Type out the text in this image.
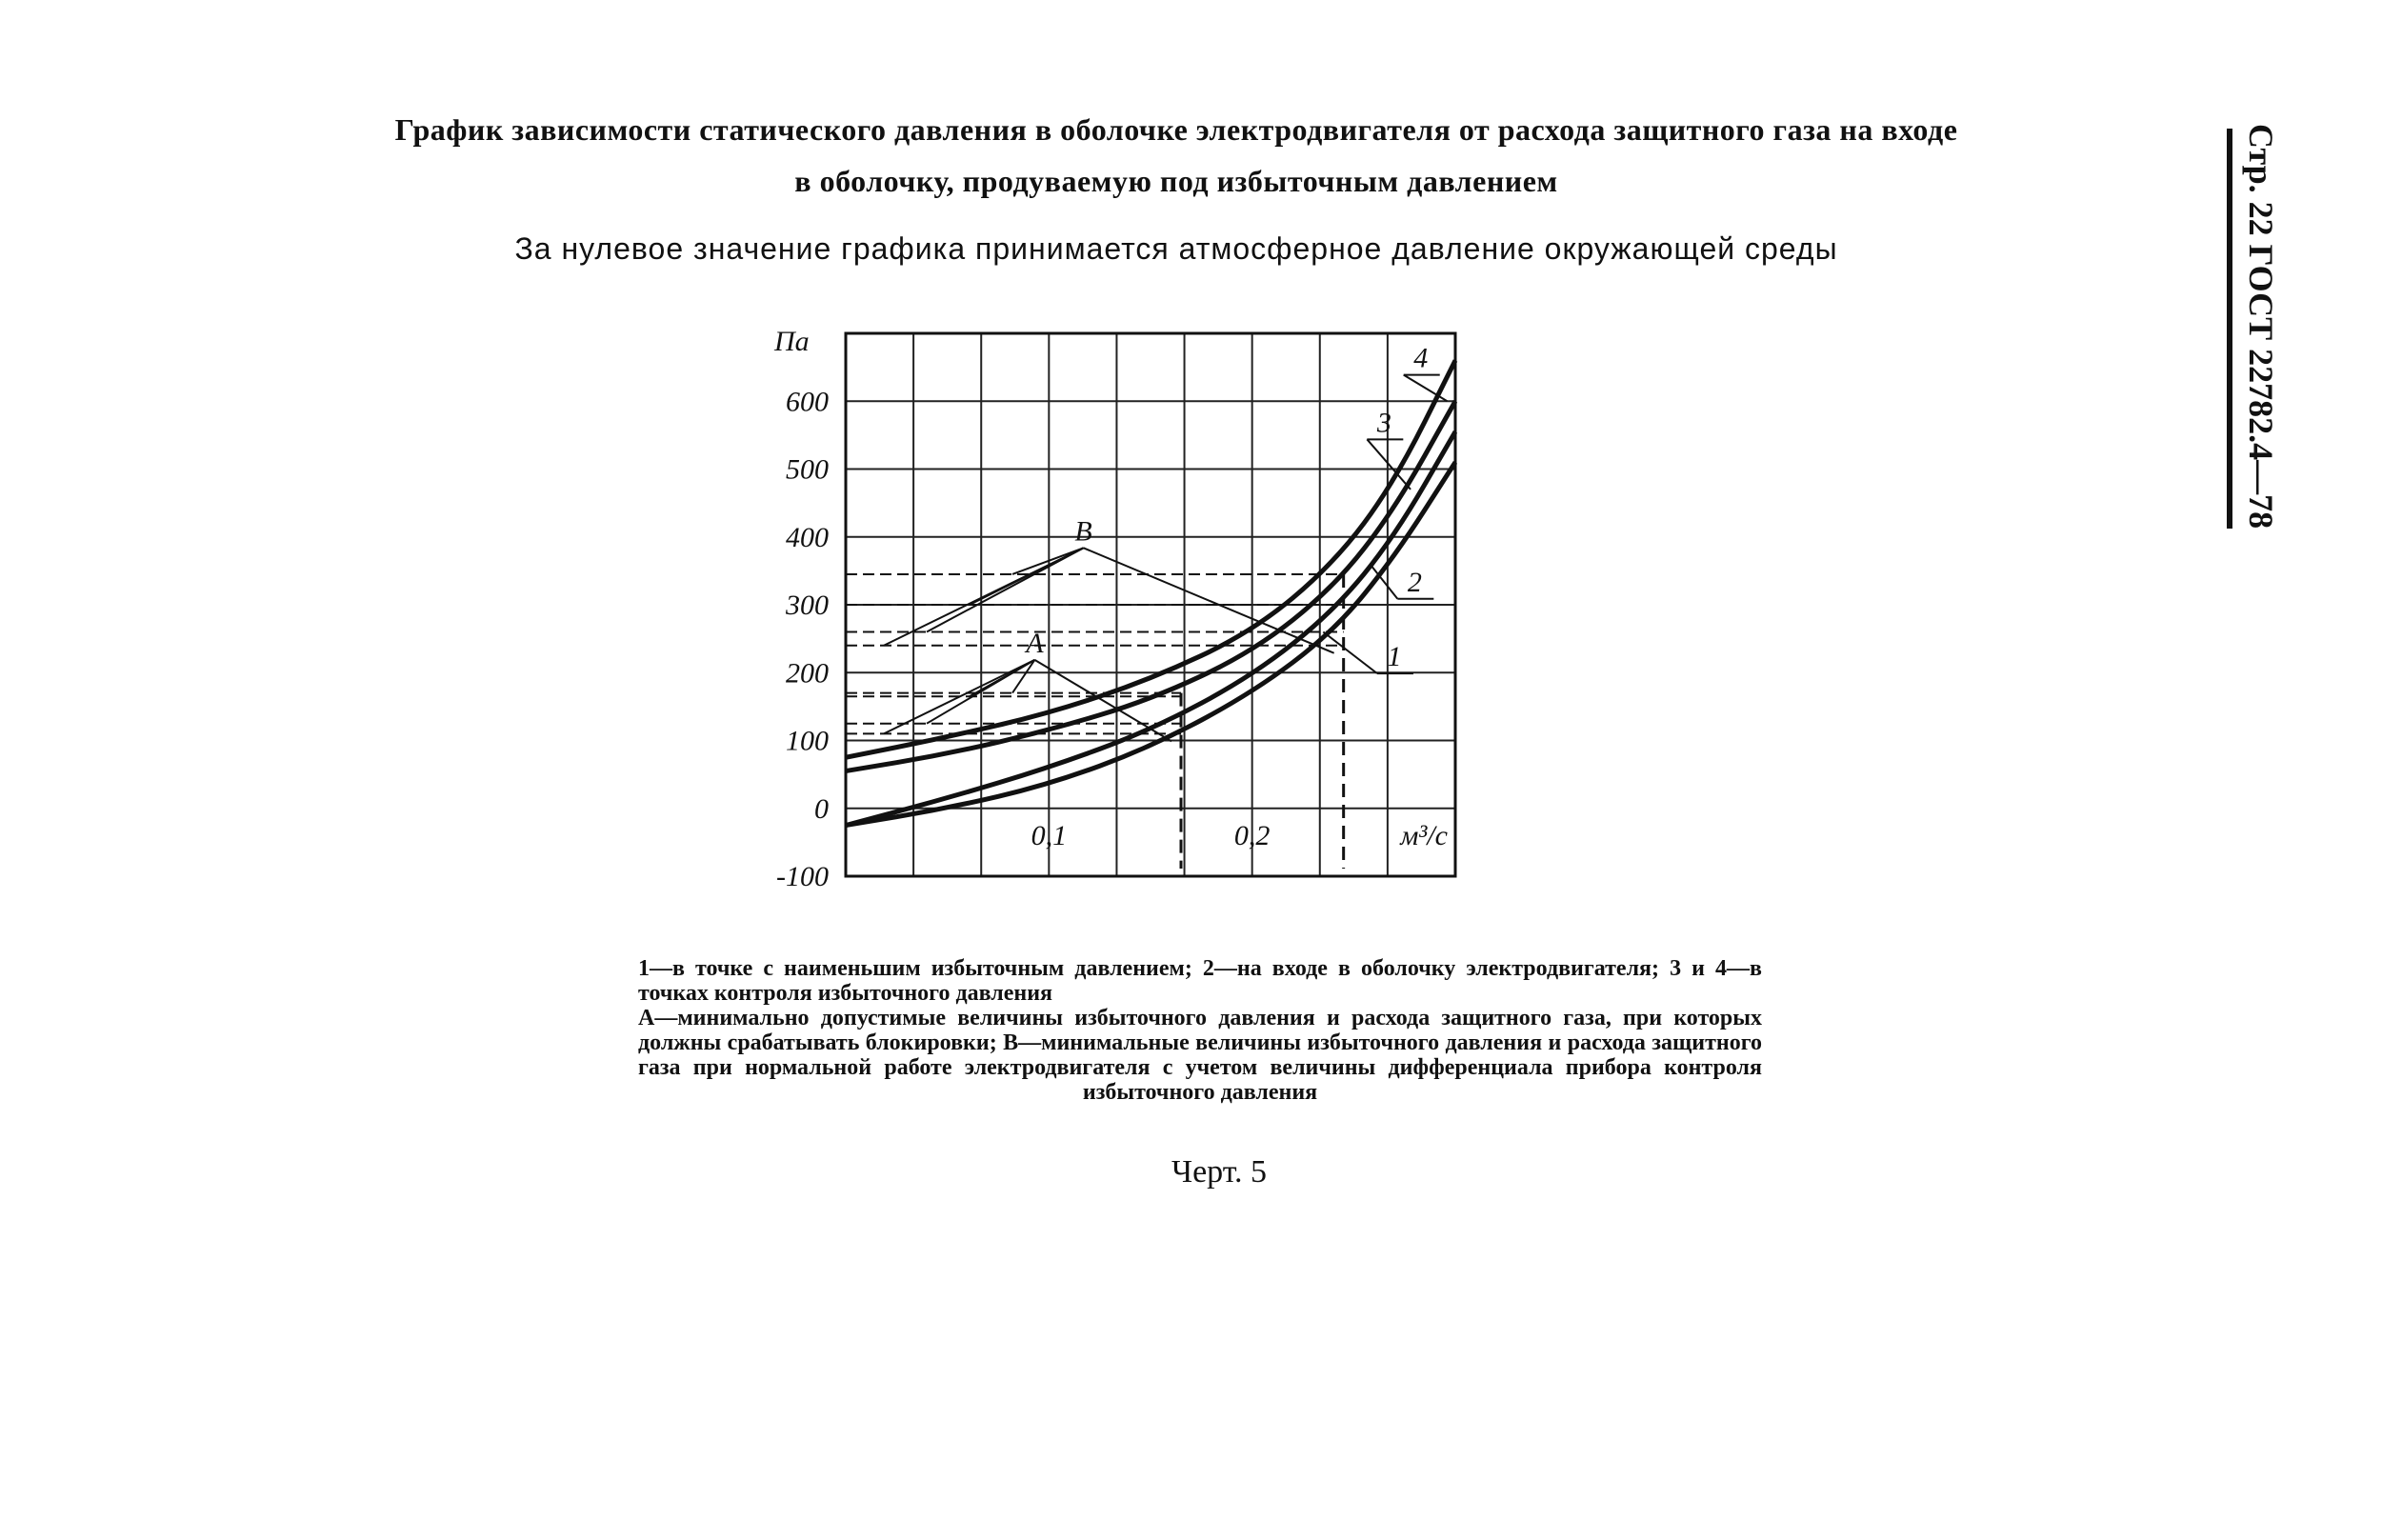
График зависимости статического давления в оболочке электродвигателя от расхода защитного газа на входе
в оболочку, продуваемую под избыточным давлением
За нулевое значение графика принимается атмосферное давление окружающей среды	Стр. 22 ГОСТ 22782.4—78
Па
600
500
400
300
200
100
0
-100
0,1	0,2	м³/с
A
B
1
2
3
4
1—в точке с наименьшим избыточным давлением; 2—на входе в оболочку электродвигателя; 3 и 4—в точках контроля избыточного давления
А—минимально допустимые величины избыточного давления и расхода защитного газа, при которых должны срабатывать блокировки; В—минимальные величины избыточного давления и расхода защитного газа при нормальной работе электродвигателя с учетом величины дифференциала прибора контроля избыточного давления
Черт. 5
